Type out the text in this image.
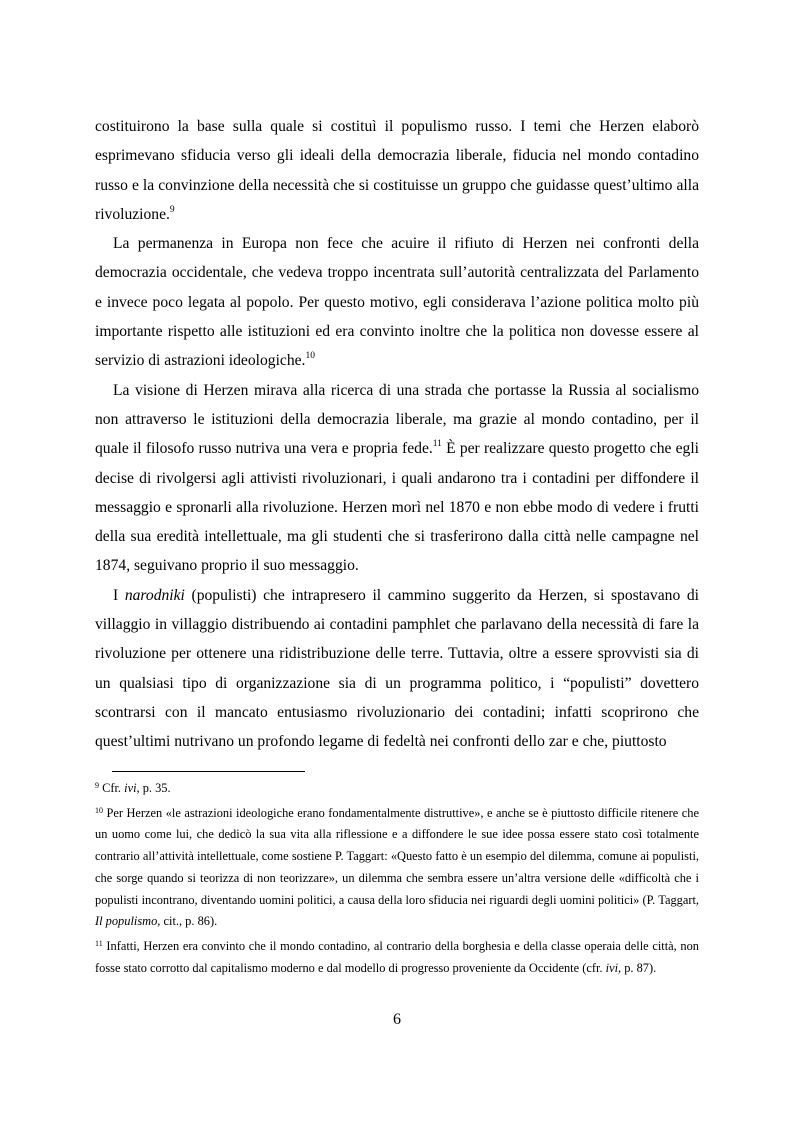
costituirono la base sulla quale si costituì il populismo russo. I temi che Herzen elaborò esprimevano sfiducia verso gli ideali della democrazia liberale, fiducia nel mondo contadino russo e la convinzione della necessità che si costituisse un gruppo che guidasse quest’ultimo alla rivoluzione.$^9$

La permanenza in Europa non fece che acuire il rifiuto di Herzen nei confronti della democrazia occidentale, che vedeva troppo incentrata sull’autorità centralizzata del Parlamento e invece poco legata al popolo. Per questo motivo, egli considerava l’azione politica molto più importante rispetto alle istituzioni ed era convinto inoltre che la politica non dovesse essere al servizio di astrazioni ideologiche.$^{10}$

La visione di Herzen mirava alla ricerca di una strada che portasse la Russia al socialismo non attraverso le istituzioni della democrazia liberale, ma grazie al mondo contadino, per il quale il filosofo russo nutriva una vera e propria fede.$^{11}$ È per realizzare questo progetto che egli decise di rivolgersi agli attivisti rivoluzionari, i quali andarono tra i contadini per diffondere il messaggio e spronarli alla rivoluzione. Herzen morì nel 1870 e non ebbe modo di vedere i frutti della sua eredità intellettuale, ma gli studenti che si trasferirono dalla città nelle campagne nel 1874, seguivano proprio il suo messaggio.

I narodniki (populisti) che intrapresero il cammino suggerito da Herzen, si spostavano di villaggio in villaggio distribuendo ai contadini pamphlet che parlavano della necessità di fare la rivoluzione per ottenere una ridistribuzione delle terre. Tuttavia, oltre a essere sprovvisti sia di un qualsiasi tipo di organizzazione sia di un programma politico, i “populisti” dovettero scontrarsi con il mancato entusiasmo rivoluzionario dei contadini; infatti scoprirono che quest’ultimi nutrivano un profondo legame di fedeltà nei confronti dello zar e che, piuttosto

$^9$ Cfr. ivi, p. 35.

$^{10}$ Per Herzen «le astrazioni ideologiche erano fondamentalmente distruttive», e anche se è piuttosto difficile ritenere che un uomo come lui, che dedicò la sua vita alla riflessione e a diffondere le sue idee possa essere stato così totalmente contrario all’attività intellettuale, come sostiene P. Taggart: «Questo fatto è un esempio del dilemma, comune ai populisti, che sorge quando si teorizza di non teorizzare», un dilemma che sembra essere un’altra versione delle «difficoltà che i populisti incontrano, diventando uomini politici, a causa della loro sfiducia nei riguardi degli uomini politici» (P. Taggart, Il populismo, cit., p. 86).

$^{11}$ Infatti, Herzen era convinto che il mondo contadino, al contrario della borghesia e della classe operaia delle città, non fosse stato corrotto dal capitalismo moderno e dal modello di progresso proveniente da Occidente (cfr. ivi, p. 87).

6
